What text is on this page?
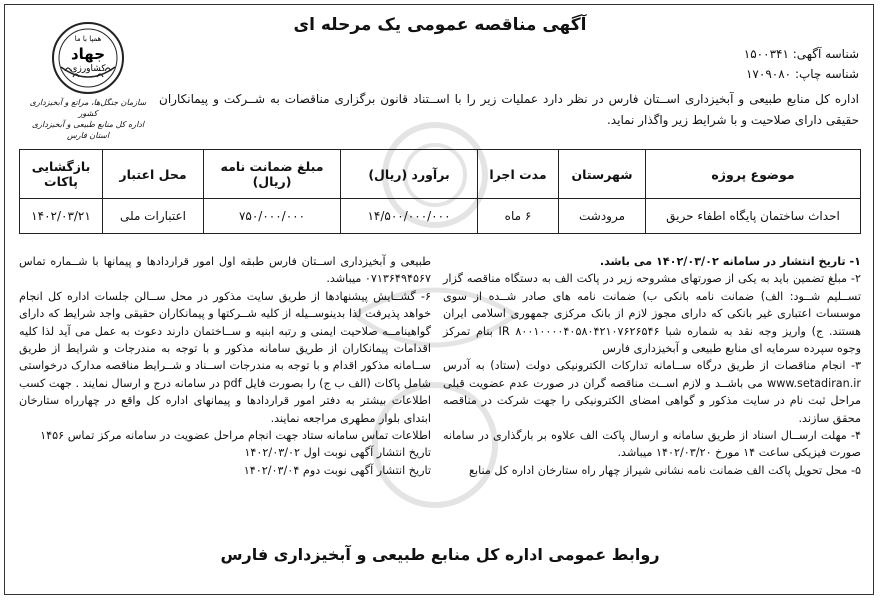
آگهی مناقصه عمومی یک مرحله ای
شناسه آگهی: ۱۵۰۰۳۴۱
شناسه چاپ: ۱۷۰۹۰۸۰
اداره کل منابع طبیعی و آبخیزداری اســتان فارس در نظر دارد عملیات زیر را با اســتناد قانون برگزاری مناقصات به شــرکت و پیمانکاران حقیقی دارای صلاحیت و با شرایط زیر واگذار نماید.
همپا با ما
جهاد
کشاورزی
سازمان جنگل‌ها، مراتع و آبخیزداری کشور
اداره کل منابع طبیعی و آبخیزداری استان فارس
موضوع پروژه	شهرستان	مدت اجرا	برآورد (ریال)	مبلغ ضمانت نامه (ریال)	محل اعتبار	بازگشایی پاکات
احداث ساختمان پایگاه اطفاء حریق	مرودشت	۶ ماه	۱۴/۵۰۰/۰۰۰/۰۰۰	۷۵۰/۰۰۰/۰۰۰	اعتبارات ملی	۱۴۰۲/۰۳/۲۱

۱- تاریخ انتشار در سامانه ۱۴۰۲/۰۳/۰۲ می باشد.

۲- مبلغ تضمین باید به یکی از صورتهای مشروحه زیر در پاکت الف به دستگاه مناقصه گزار تســلیم شــود: الف) ضمانت نامه بانکی ب) ضمانت نامه های صادر شــده از سوی موسسات اعتباری غیر بانکی که دارای مجوز لازم از بانک مرکزی جمهوری اسلامی ایران هستند. ج) واریز وجه نقد به شماره شبا IR ۸۰۰۱۰۰۰۰۴۰۵۸۰۴۲۱۰۷۶۲۶۵۴۶ بنام تمرکز وجوه سپرده سرمایه ای منابع طبیعی و آبخیزداری فارس

۳- انجام مناقصات از طریق درگاه ســامانه تدارکات الکترونیکی دولت (ستاد) به آدرس www.setadiran.ir می باشــد و لازم اســت مناقصه گران در صورت عدم عضویت قبلی مراحل ثبت نام در سایت مذکور و گواهی امضای الکترونیکی را جهت شرکت در مناقصه محقق سازند.

۴- مهلت ارســال اسناد از طریق سامانه و ارسال پاکت الف علاوه بر بارگذاری در سامانه صورت فیزیکی ساعت ۱۴ مورخ ۱۴۰۲/۰۳/۲۰ میباشد.

۵- محل تحویل پاکت الف ضمانت نامه نشانی شیراز چهار راه ستارخان اداره کل منابع

طبیعی و آبخیزداری اســتان فارس طبقه اول امور قراردادها و پیمانها با شــماره تماس ۰۷۱۳۶۴۹۴۵۶۷ میباشد.

۶- گشــایش پیشنهادها از طریق سایت مذکور در محل ســالن جلسات اداره کل انجام خواهد پذیرفت لذا بدینوســیله از کلیه شــرکتها و پیمانکاران حقیقی واجد شرایط که دارای گواهینامــه صلاحیت ایمنی و رتبه ابنیه و ســاختمان دارند دعوت به عمل می آید لذا کلیه اقدامات پیمانکاران از طریق سامانه مذکور و با توجه به مندرجات و شرایط از طریق ســامانه مذکور اقدام و با توجه به مندرجات اســناد و شــرایط مناقصه مدارک درخواستی شامل پاکات (الف ب ج) را بصورت فایل pdf در سامانه درج و ارسال نمایند . جهت کسب اطلاعات بیشتر به دفتر امور قراردادها و پیمانهای اداره کل واقع در چهارراه ستارخان ابتدای بلوار مطهری مراجعه نمایند.

اطلاعات تماس سامانه ستاد جهت انجام مراحل عضویت در سامانه مرکز تماس ۱۴۵۶

تاریخ انتشار آگهی نوبت اول ۱۴۰۲/۰۳/۰۲

تاریخ انتشار آگهی نوبت دوم ۱۴۰۲/۰۳/۰۴

روابط عمومی اداره کل منابع طبیعی و آبخیزداری فارس
